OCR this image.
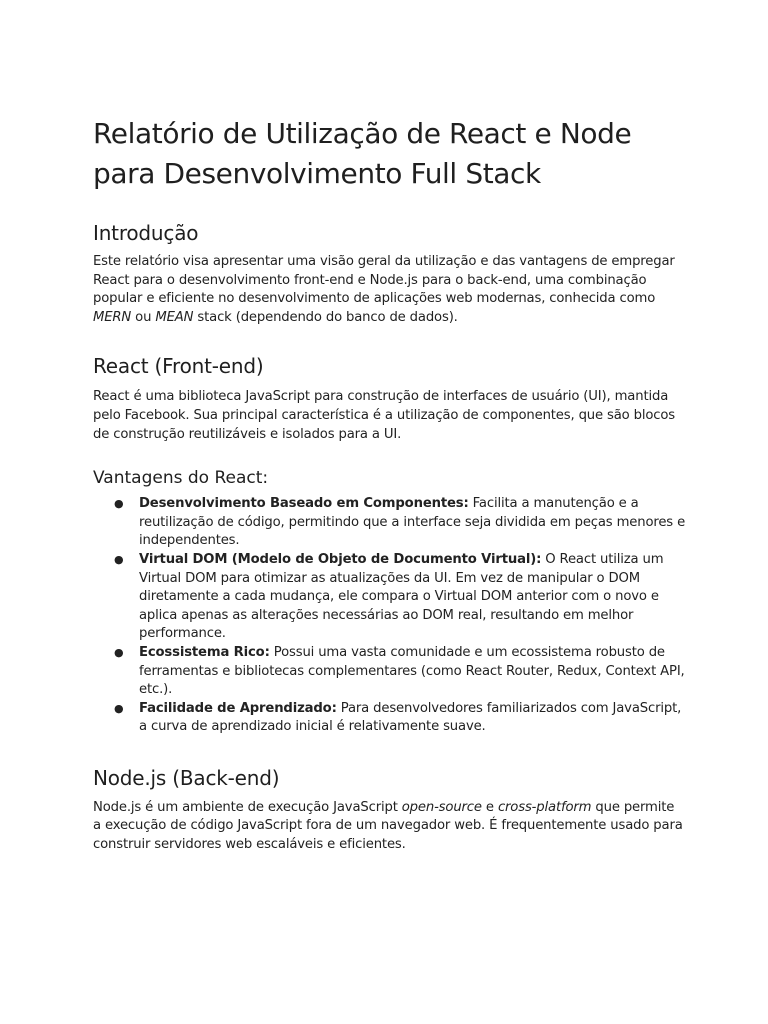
Relatório de Utilização de React e Node para Desenvolvimento Full Stack
Introdução

Este relatório visa apresentar uma visão geral da utilização e das vantagens de empregar React para o desenvolvimento front-end e Node.js para o back-end, uma combinação popular e eficiente no desenvolvimento de aplicações web modernas, conhecida como MERN ou MEAN stack (dependendo do banco de dados).

React (Front-end)

React é uma biblioteca JavaScript para construção de interfaces de usuário (UI), mantida pelo Facebook. Sua principal característica é a utilização de componentes, que são blocos de construção reutilizáveis e isolados para a UI.

Vantagens do React:
● Desenvolvimento Baseado em Componentes: Facilita a manutenção e a reutilização de código, permitindo que a interface seja dividida em peças menores e independentes.
● Virtual DOM (Modelo de Objeto de Documento Virtual): O React utiliza um Virtual DOM para otimizar as atualizações da UI. Em vez de manipular o DOM diretamente a cada mudança, ele compara o Virtual DOM anterior com o novo e aplica apenas as alterações necessárias ao DOM real, resultando em melhor performance.
● Ecossistema Rico: Possui uma vasta comunidade e um ecossistema robusto de ferramentas e bibliotecas complementares (como React Router, Redux, Context API, etc.).
● Facilidade de Aprendizado: Para desenvolvedores familiarizados com JavaScript, a curva de aprendizado inicial é relativamente suave.
Node.js (Back-end)

Node.js é um ambiente de execução JavaScript open-source e cross-platform que permite a execução de código JavaScript fora de um navegador web. É frequentemente usado para construir servidores web escaláveis e eficientes.
